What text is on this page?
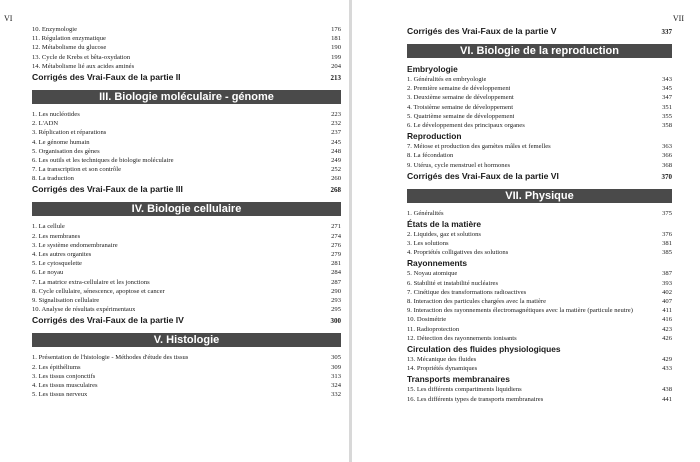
VI
10. Enzymologie	176
11. Régulation enzymatique	181
12. Métabolisme du glucose	190
13. Cycle de Krebs et bêta-oxydation	199
14. Métabolisme lié aux acides aminés	204
Corrigés des Vrai-Faux de la partie II	213
III. Biologie moléculaire - génome
1. Les nucléotides	223
2. L'ADN	232
3. Réplication et réparations	237
4. Le génome humain	245
5. Organisation des gènes	248
6. Les outils et les techniques de biologie moléculaire	249
7. La transcription et son contrôle	252
8. La traduction	260
Corrigés des Vrai-Faux de la partie III	268
IV. Biologie cellulaire
1. La cellule	271
2. Les membranes	274
3. Le système endomembranaire	276
4. Les autres organites	279
5. Le cytosquelette	281
6. Le noyau	284
7. La matrice extra-cellulaire et les jonctions	287
8. Cycle cellulaire, sénescence, apoptose et cancer	290
9. Signalisation cellulaire	293
10. Analyse de résultats expérimentaux	295
Corrigés des Vrai-Faux de la partie IV	300
V. Histologie
1. Présentation de l'histologie - Méthodes d'étude des tissus	305
2. Les épithéliums	309
3. Les tissus conjonctifs	313
4. Les tissus musculaires	324
5. Les tissus nerveux	332
VII
Corrigés des Vrai-Faux de la partie V	337
VI. Biologie de la reproduction
Embryologie
1. Généralités en embryologie	343
2. Première semaine de développement	345
3. Deuxième semaine de développement	347
4. Troisième semaine de développement	351
5. Quatrième semaine de développement	355
6. Le développement des principaux organes	358
Reproduction
7. Méiose et production des gamètes mâles et femelles	363
8. La fécondation	366
9. Utérus, cycle menstruel et hormones	368
Corrigés des Vrai-Faux de la partie VI	370
VII. Physique
1. Généralités	375
États de la matière
2. Liquides, gaz et solutions	376
3. Les solutions	381
4. Propriétés colligatives des solutions	385
Rayonnements
5. Noyau atomique	387
6. Stabilité et instabilité nucléaires	393
7. Cinétique des transformations radioactives	402
8. Interaction des particules chargées avec la matière	407
9. Interaction des rayonnements électromagnétiques avec la matière (particule neutre)	411
10. Dosimétrie	416
11. Radioprotection	423
12. Détection des rayonnements ionisants	426
Circulation des fluides physiologiques
13. Mécanique des fluides	429
14. Propriétés dynamiques	433
Transports membranaires
15. Les différents compartiments liquidiens	438
16. Les différents types de transports membranaires	441
